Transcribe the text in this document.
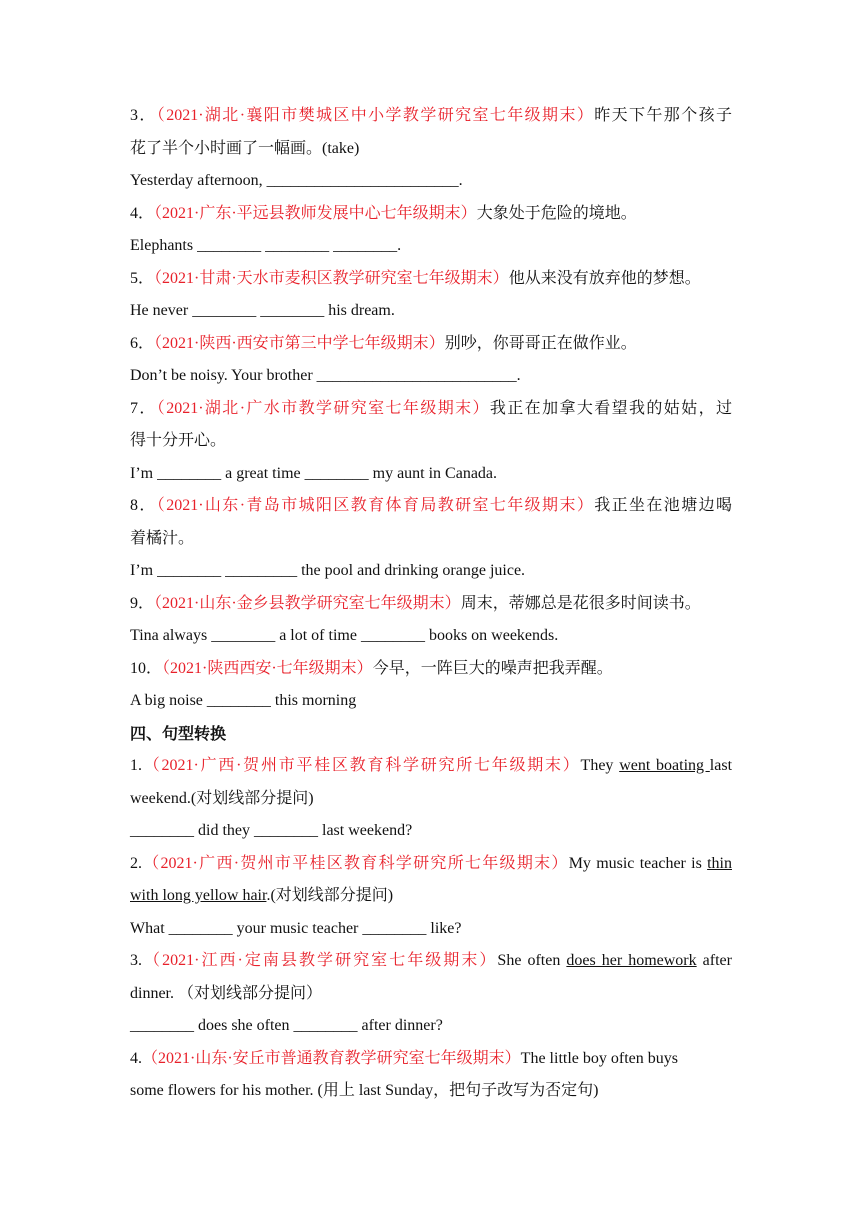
3．（2021·湖北·襄阳市樊城区中小学教学研究室七年级期末）昨天下午那个孩子
花了半个小时画了一幅画。(take)
Yesterday afternoon, ________________________.
4．（2021·广东·平远县教师发展中心七年级期末）大象处于危险的境地。
Elephants ________ ________ ________.
5．（2021·甘肃·天水市麦积区教学研究室七年级期末）他从来没有放弃他的梦想。
He never ________ ________ his dream.
6．（2021·陕西·西安市第三中学七年级期末）别吵，你哥哥正在做作业。
Don’t be noisy. Your brother _________________________.
7．（2021·湖北·广水市教学研究室七年级期末）我正在加拿大看望我的姑姑，过
得十分开心。
I’m ________ a great time ________ my aunt in Canada.
8．（2021·山东·青岛市城阳区教育体育局教研室七年级期末）我正坐在池塘边喝
着橘汁。
I’m ________ _________ the pool and drinking orange juice.
9．（2021·山东·金乡县教学研究室七年级期末）周末，蒂娜总是花很多时间读书。
Tina always ________ a lot of time ________ books on weekends.
10．（2021·陕西西安·七年级期末）今早，一阵巨大的噪声把我弄醒。
A big noise ________ this morning
四、句型转换
1.（2021·广西·贺州市平桂区教育科学研究所七年级期末）They went boating last
weekend.(对划线部分提问)
________ did they ________ last weekend?
2.（2021·广西·贺州市平桂区教育科学研究所七年级期末）My music teacher is thin
with long yellow hair.(对划线部分提问)
What ________ your music teacher ________ like?
3.（2021·江西·定南县教学研究室七年级期末）She often does her homework after
dinner. （对划线部分提问）
________ does she often ________ after dinner?
4.（2021·山东·安丘市普通教育教学研究室七年级期末）The little boy often buys
some flowers for his mother. (用上 last Sunday，把句子改写为否定句)
